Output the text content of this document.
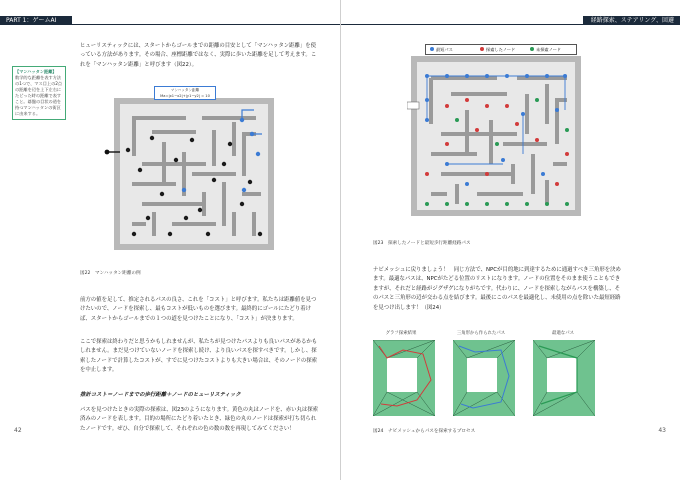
PART 1：ゲームAI
【マンハッタン距離】
数学的な距離を表す方法の1つで、マス目上の2点の距離を辺を上下左右にたどった時の距離で表すこと。碁盤の目状の道を持つマンハッタンの街区に由来する。
ヒューリスティックには、スタートからゴールまでの距離の目安として「マンハッタン距離」を使っている方法があります。その場合、座標距離ではなく、実際に歩いた距離を足して考えます。これを「マンハッタン距離」と呼びます（図22）。
マンハッタン距離
Ma=|x1−x2|+|y1−y2| = 10
図22　マンハッタン距離の例
前方の値を足して、推定されるパスの良さ、これを「コスト」と呼びます。私たちは距離値を見つけたいので、ノードを探索し、最もコストが低いものを選びます。最終的にゴールにたどり着けば、スタートからゴールまでの１つの道を見つけたことになり、「コスト」が決まります。
ここで探索は終わりだと思うかもしれませんが、私たちが見つけたパスよりも良いパスがあるかもしれません。まだ見つけていないノードを探索し続け、より良いパスを探すべきです。しかし、探索したノードで計算したコストが、すでに見つけたコストよりも大きい場合は、そのノードの探索を中止します。
推計コスト＝ノードまでの歩行距離＋ノードのヒューリスティック
パスを見つけたときの実際の探索は、図23のようになります。黄色の丸はノードを、赤い丸は探索済みのノードを表します。目的の場所にたどり着いたとき、緑色の丸のノードは探索が打ち切られたノードです。ぜひ、自分で探索して、それぞれの色の数の数を再現してみてください！
42
経路探索、ステアリング、回避
最短パス	探索したノード	未探索ノード
図23　探索したノードと最短歩行距離経路パス
ナビメッシュに戻りましょう！　同じ方法で、NPCが目的地に到達するために通過すべき三角形を決めます。最適なパスは、NPCがたどる位置のリストになります。ノードの位置をそのまま使うこともできますが、それだと経路がジグザグになりがちです。代わりに、ノードを探索しながらパスを構築し、そのパスと三角形の辺が交わる点を結びます。最後にこのパスを最適化し、未使用の点を除いた最短経路を見つけ出します！（図24）
グラフ探索結果	三角形から作られたパス	最適なパス
図24　ナビメッシュからパスを探索するプロセス	43
